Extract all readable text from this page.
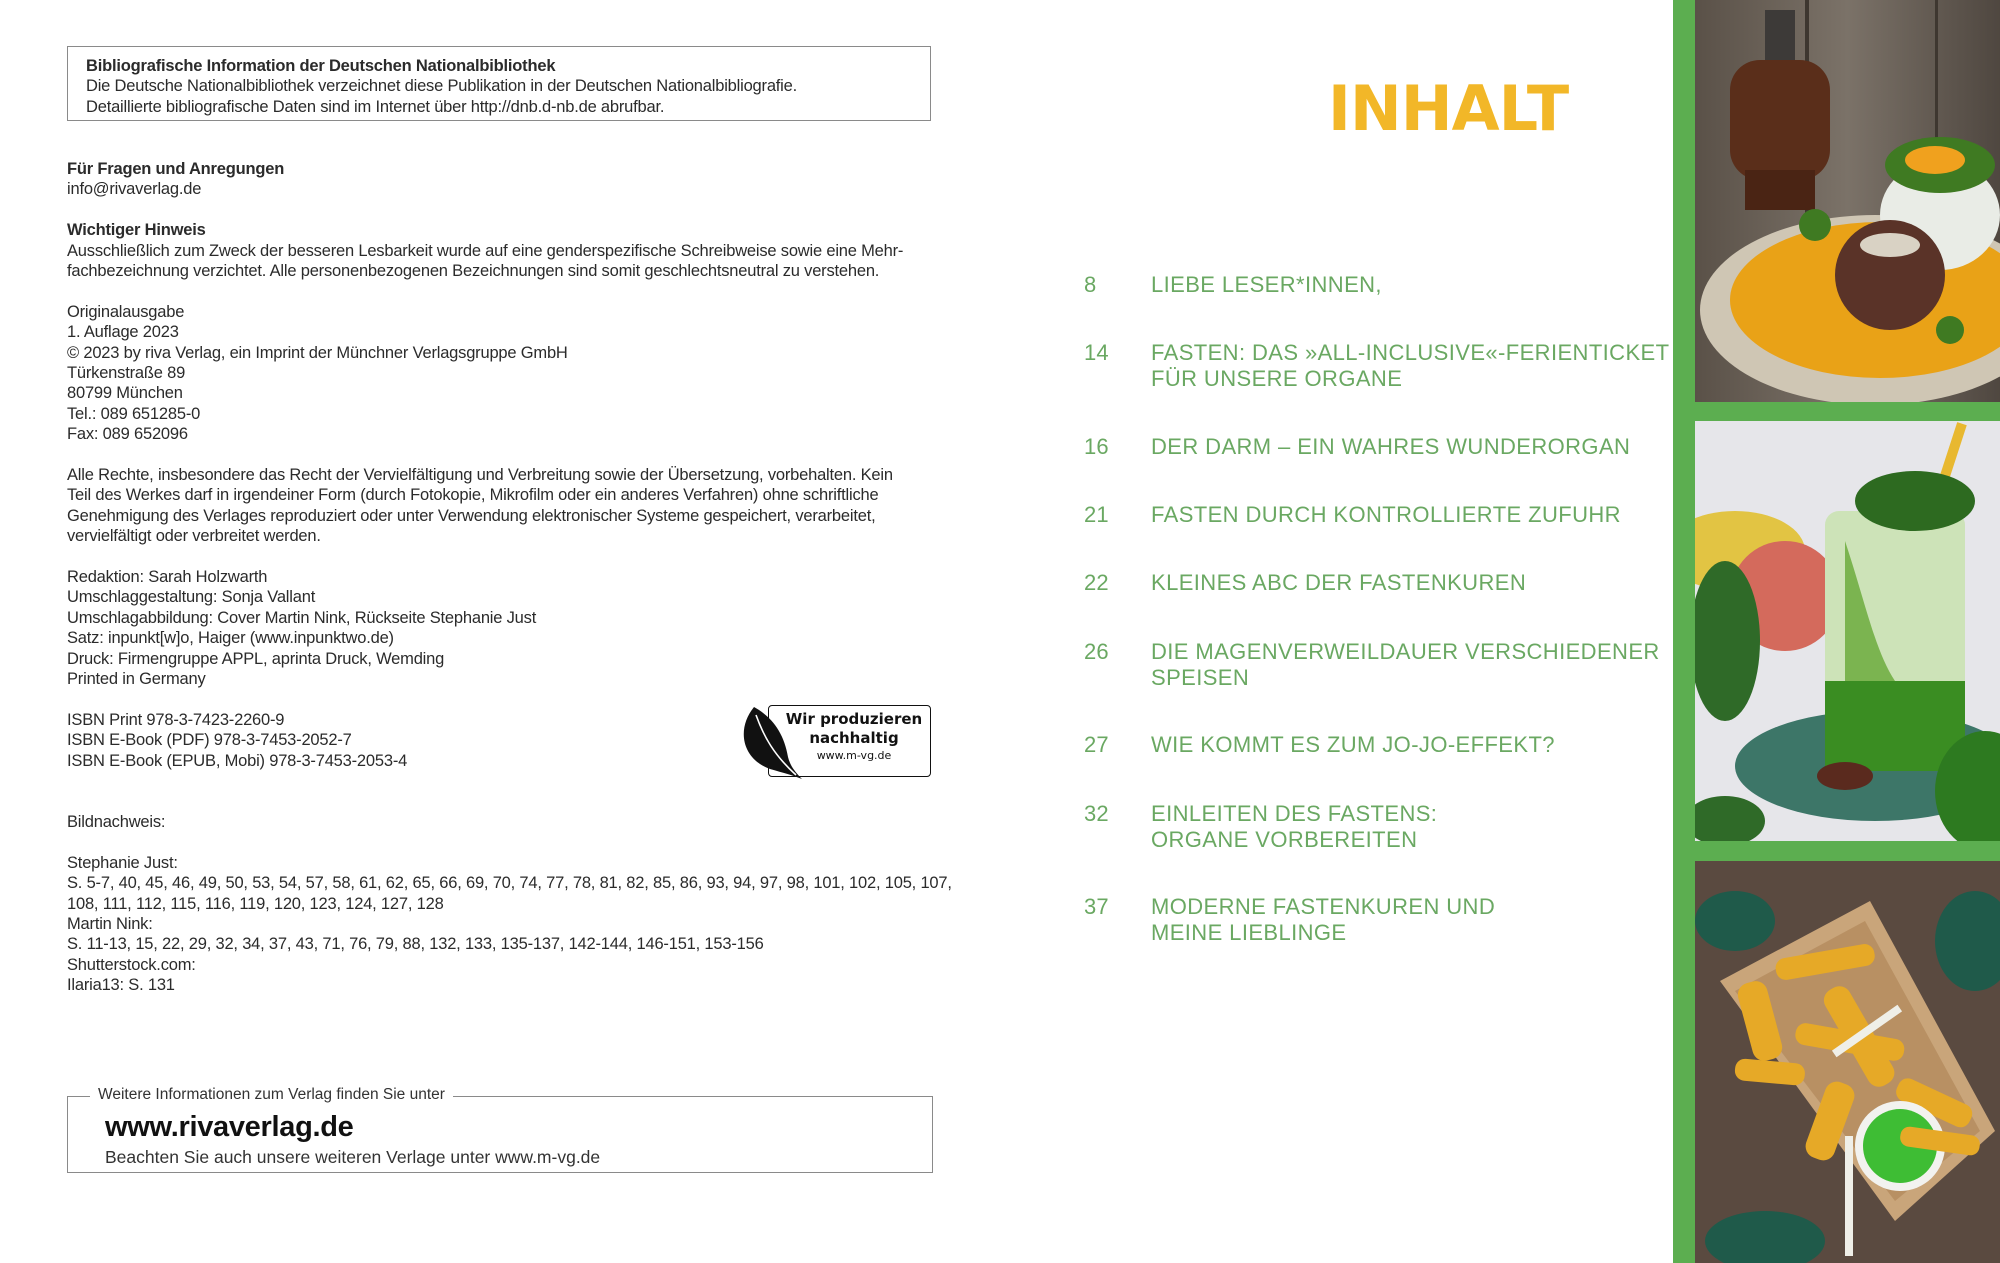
Bibliografische Information der Deutschen Nationalbibliothek
Die Deutsche Nationalbibliothek verzeichnet diese Publikation in der Deutschen Nationalbibliografie.
Detaillierte bibliografische Daten sind im Internet über http://dnb.d-nb.de abrufbar.
Für Fragen und Anregungen
info@rivaverlag.de
Wichtiger Hinweis
Ausschließlich zum Zweck der besseren Lesbarkeit wurde auf eine genderspezifische Schreibweise sowie eine Mehr-
fachbezeichnung verzichtet. Alle personenbezogenen Bezeichnungen sind somit geschlechtsneutral zu verstehen.
Originalausgabe
1. Auflage 2023
© 2023 by riva Verlag, ein Imprint der Münchner Verlagsgruppe GmbH
Türkenstraße 89
80799 München
Tel.: 089 651285-0
Fax: 089 652096
Alle Rechte, insbesondere das Recht der Vervielfältigung und Verbreitung sowie der Übersetzung, vorbehalten. Kein
Teil des Werkes darf in irgendeiner Form (durch Fotokopie, Mikrofilm oder ein anderes Verfahren) ohne schriftliche
Genehmigung des Verlages reproduziert oder unter Verwendung elektronischer Systeme gespeichert, verarbeitet,
vervielfältigt oder verbreitet werden.
Redaktion: Sarah Holzwarth
Umschlaggestaltung: Sonja Vallant
Umschlagabbildung: Cover Martin Nink, Rückseite Stephanie Just
Satz: inpunkt[w]o, Haiger (www.inpunktwo.de)
Druck: Firmengruppe APPL, aprinta Druck, Wemding
Printed in Germany
ISBN Print 978-3-7423-2260-9
ISBN E-Book (PDF) 978-3-7453-2052-7
ISBN E-Book (EPUB, Mobi) 978-3-7453-2053-4
Bildnachweis:
Stephanie Just:
S. 5-7, 40, 45, 46, 49, 50, 53, 54, 57, 58, 61, 62, 65, 66, 69, 70, 74, 77, 78, 81, 82, 85, 86, 93, 94, 97, 98, 101, 102, 105, 107,
108, 111, 112, 115, 116, 119, 120, 123, 124, 127, 128
Martin Nink:
S. 11-13, 15, 22, 29, 32, 34, 37, 43, 71, 76, 79, 88, 132, 133, 135-137, 142-144, 146-151, 153-156
Shutterstock.com:
Ilaria13: S. 131
Wir produzieren
nachhaltig
www.m-vg.de
Weitere Informationen zum Verlag finden Sie unter
www.rivaverlag.de
Beachten Sie auch unsere weiteren Verlage unter www.m-vg.de
INHALT
8	LIEBE LESER*INNEN,
14	FASTEN: DAS »ALL-INCLUSIVE«-FERIENTICKET
FÜR UNSERE ORGANE
16	DER DARM – EIN WAHRES WUNDERORGAN
21	FASTEN DURCH KONTROLLIERTE ZUFUHR
22	KLEINES ABC DER FASTENKUREN
26	DIE MAGENVERWEILDAUER VERSCHIEDENER
SPEISEN
27	WIE KOMMT ES ZUM JO-JO-EFFEKT?
32	EINLEITEN DES FASTENS:
ORGANE VORBEREITEN
37	MODERNE FASTENKUREN UND
MEINE LIEBLINGE
